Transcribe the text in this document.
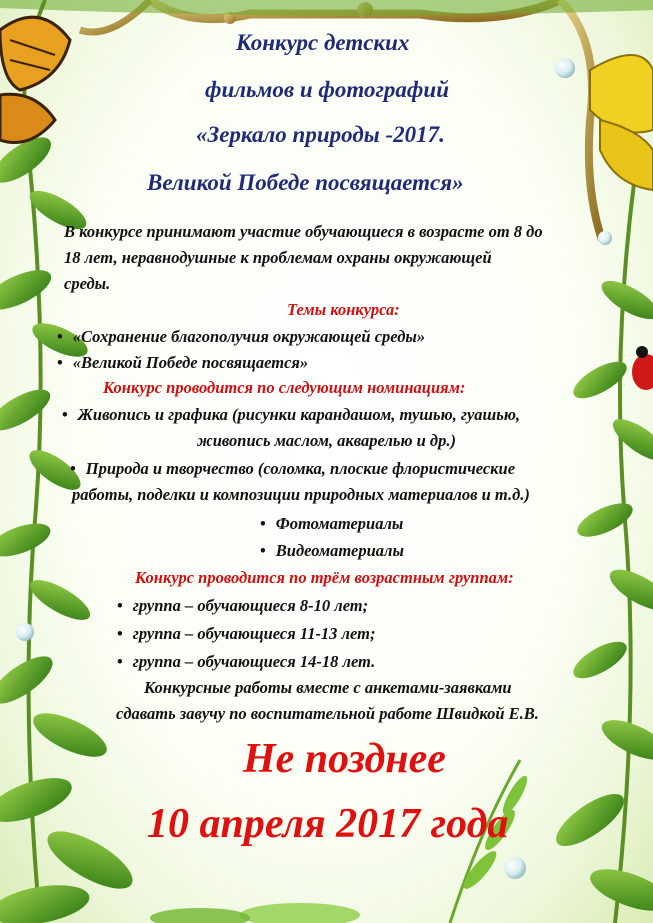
Конкурс детских
фильмов и фотографий
«Зеркало природы -2017.
Великой Победе посвящается»
В конкурсе принимают участие обучающиеся в возрасте от 8 до
18 лет, неравнодушные к проблемам охраны окружающей
среды.
Темы конкурса:
• «Сохранение благополучия окружающей среды»
• «Великой Победе посвящается»
Конкурс проводится по следующим номинациям:
• Живопись и графика (рисунки карандашом, тушью, гуашью,
живопись маслом, акварелью и др.)
• Природа и творчество (соломка, плоские флористические
работы, поделки и композиции природных материалов и т.д.)
• Фотоматериалы
• Видеоматериалы
Конкурс проводится по трём возрастным группам:
• группа – обучающиеся 8-10 лет;
• группа – обучающиеся 11-13 лет;
• группа – обучающиеся 14-18 лет.
Конкурсные работы вместе с анкетами-заявками
сдавать завучу по воспитательной работе Швидкой Е.В.
Не позднее
10 апреля 2017 года
